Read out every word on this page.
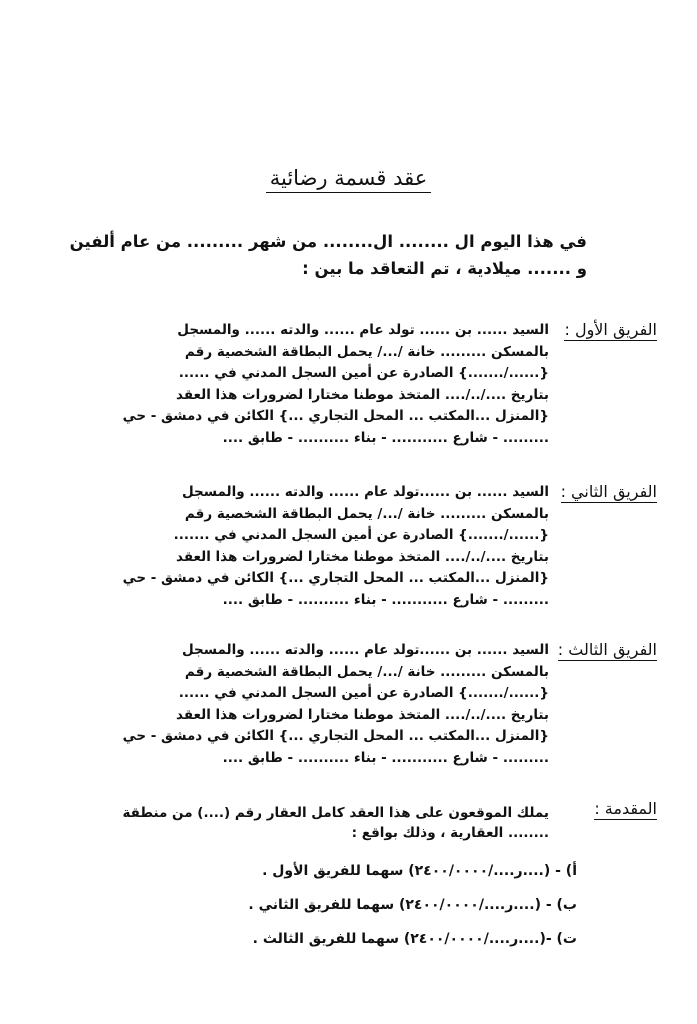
عقد قسمة رضائية
في هذا اليوم ال ........ ال........ من شهر ......... من عام ألفين
و ....... ميلادية ، تم التعاقد ما بين :
الفريق الأول :
السيد ...... بن ...... تولد عام ...... والدته ...... والمسجل
بالمسكن ......... خانة /.../ يحمل البطاقة الشخصية رقم
{....../.......} الصادرة عن أمين السجل المدني في ......
بتاريخ ..../../.... المتخذ موطنا مختارا لضرورات هذا العقد
{المنزل ...المكتب ... المحل التجاري ...} الكائن في دمشق - حي
......... - شارع ........... - بناء .......... - طابق ....
الفريق الثاني :
السيد ...... بن ......تولد عام ...... والدته ...... والمسجل
بالمسكن ......... خانة /.../ يحمل البطاقة الشخصية رقم
{....../.......} الصادرة عن أمين السجل المدني في .......
بتاريخ ..../../.... المتخذ موطنا مختارا لضرورات هذا العقد
{المنزل ...المكتب ... المحل التجاري ...} الكائن في دمشق - حي
......... - شارع ........... - بناء .......... - طابق ....
الفريق الثالث :
السيد ...... بن ......تولد عام ...... والدته ...... والمسجل
بالمسكن ......... خانة /.../ يحمل البطاقة الشخصية رقم
{....../.......} الصادرة عن أمين السجل المدني في ......
بتاريخ ..../../.... المتخذ موطنا مختارا لضرورات هذا العقد
{المنزل ...المكتب ... المحل التجاري ...} الكائن في دمشق - حي
......... - شارع ........... - بناء .......... - طابق ....
المقدمة :
يملك الموقعون على هذا العقد كامل العقار رقم (....) من منطقة
........ العقارية ، وذلك بواقع :
أ) - (....ر..../٢٤٠٠/٠٠٠٠) سهما للفريق الأول .
ب) - (....ر..../٢٤٠٠/٠٠٠٠) سهما للفريق الثاني .
ت) -(....ر..../٢٤٠٠/٠٠٠٠) سهما للفريق الثالث .
